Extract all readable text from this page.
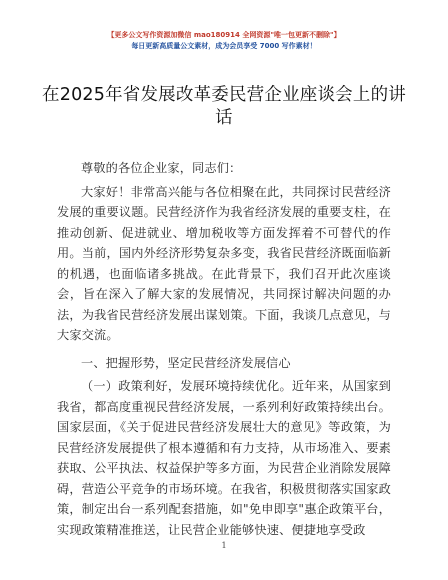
【更多公文写作资源加微信 mao180914 全网资源"唯一包更新不删除"】
每日更新高质量公文素材，成为会员享受 7000 写作素材！
在2025年省发展改革委民营企业座谈会上的讲话

尊敬的各位企业家，同志们：

大家好！非常高兴能与各位相聚在此，共同探讨民营经济发展的重要议题。民营经济作为我省经济发展的重要支柱，在推动创新、促进就业、增加税收等方面发挥着不可替代的作用。当前，国内外经济形势复杂多变，我省民营经济既面临新的机遇，也面临诸多挑战。在此背景下，我们召开此次座谈会，旨在深入了解大家的发展情况，共同探讨解决问题的办法，为我省民营经济发展出谋划策。下面，我谈几点意见，与大家交流。

一、把握形势，坚定民营经济发展信心

（一）政策利好，发展环境持续优化。近年来，从国家到我省，都高度重视民营经济发展，一系列利好政策持续出台。国家层面，《关于促进民营经济发展壮大的意见》等政策，为民营经济发展提供了根本遵循和有力支持，从市场准入、要素获取、公平执法、权益保护等多方面，为民营企业消除发展障碍，营造公平竞争的市场环境。在我省，积极贯彻落实国家政策，制定出台一系列配套措施，如"免申即享"惠企政策平台，实现政策精准推送，让民营企业能够快速、便捷地享受政

1
